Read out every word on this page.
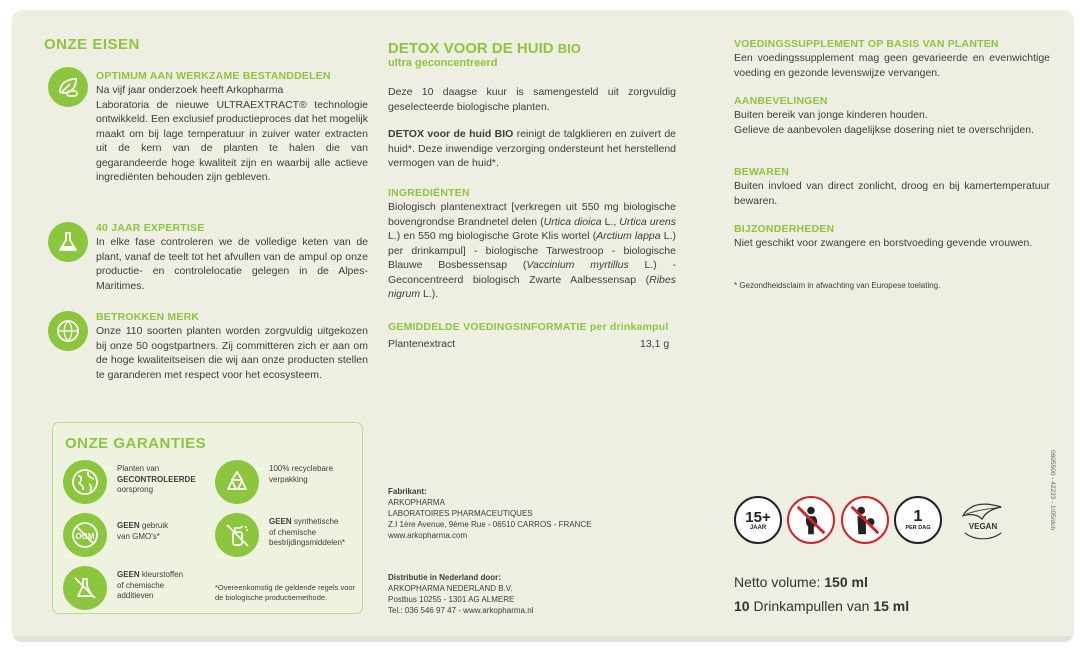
ONZE EISEN
OPTIMUM AAN WERKZAME BESTANDDELEN

Na vijf jaar onderzoek heeft Arkopharma
Laboratoria de nieuwe ULTRAEXTRACT® technologie ontwikkeld. Een exclusief productieproces dat het mogelijk maakt om bij lage temperatuur in zuiver water extracten uit de kern van de planten te halen die van gegarandeerde hoge kwaliteit zijn en waarbij alle actieve ingrediënten behouden zijn gebleven.

40 JAAR EXPERTISE

In elke fase controleren we de volledige keten van de plant, vanaf de teelt tot het afvullen van de ampul op onze productie- en controlelocatie gelegen in de Alpes-Maritimes.

BETROKKEN MERK

Onze 110 soorten planten worden zorgvuldig uitgekozen bij onze 50 oogstpartners. Zij committeren zich er aan om de hoge kwaliteitseisen die wij aan onze producten stellen te garanderen met respect voor het ecosysteem.

ONZE GARANTIES
Planten van
GECONTROLEERDE
oorsprong
100% recyclebare
verpakking
OGM
GEEN gebruik
van GMO's*
GEEN synthetische
of chemische
bestrijdingsmiddelen*
GEEN kleurstoffen
of chemische
additieven
*Overeenkomstig de geldende regels voor de biologische productiemethode.
DETOX VOOR DE HUID BIO
ultra geconcentreerd

Deze 10 daagse kuur is samengesteld uit zorgvuldig geselecteerde biologische planten.

DETOX voor de huid BIO reinigt de talgklieren en zuivert de huid*. Deze inwendige verzorging ondersteunt het herstellend vermogen van de huid*.

INGREDIËNTEN

Biologisch plantenextract [verkregen uit 550 mg biologische bovengrondse Brandnetel delen (Urtica dioica L., Urtica urens L.) en 550 mg biologische Grote Klis wortel (Arctium lappa L.) per drinkampul] - biologische Tarwestroop - biologische Blauwe Bosbessensap (Vaccinium myrtillus L.) - Geconcentreerd biologisch Zwarte Aalbessensap (Ribes nigrum L.).

GEMIDDELDE VOEDINGSINFORMATIE per drinkampul
Plantenextract	13,1 g
Fabrikant:
ARKOPHARMA
LABORATOIRES PHARMACEUTIQUES
Z.I 1ère Avenue, 9ème Rue - 06510 CARROS - FRANCE
www.arkopharma.com
Distributie in Nederland door:
ARKOPHARMA NEDERLAND B.V.
Postbus 10255 - 1301 AG ALMERE
Tel.: 036 546 97 47 - www.arkopharma.nl
VOEDINGSSUPPLEMENT OP BASIS VAN PLANTEN

Een voedingssupplement mag geen gevarieerde en evenwichtige voeding en gezonde levenswijze vervangen.

AANBEVELINGEN

Buiten bereik van jonge kinderen houden.
Gelieve de aanbevolen dagelijkse dosering niet te overschrijden.

BEWAREN

Buiten invloed van direct zonlicht, droog en bij kamertemperatuur bewaren.

BIJZONDERHEDEN

Niet geschikt voor zwangere en borstvoeding gevende vrouwen.

* Gezondheidsclaim in afwachting van Europese toelating.
15+
JAAR
1
PER DAG	VEGAN
Netto volume: 150 ml
10 Drinkampullen van 15 ml
0605500 - 42233 - 1/05/dcb
